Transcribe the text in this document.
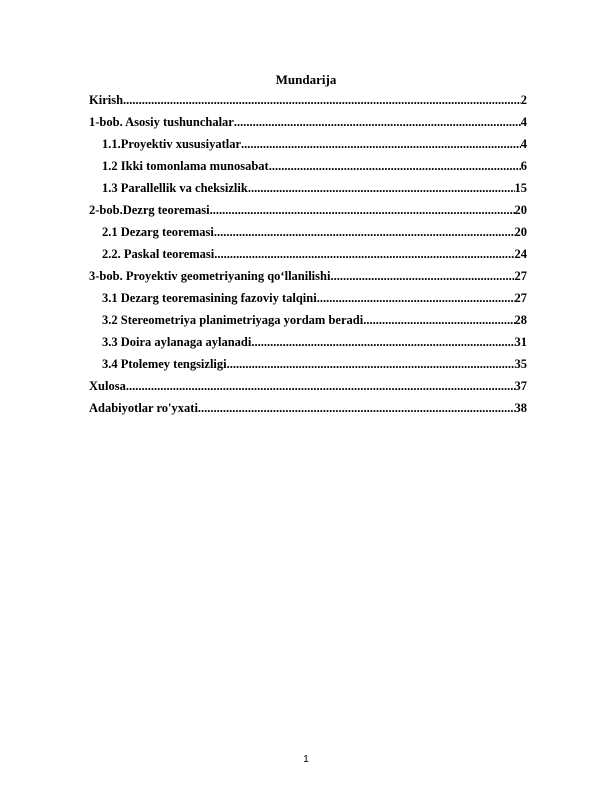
Mundarija
Kirish .....	2
1-bob. Asosiy tushunchalar .....	4
1.1.Proyektiv xususiyatlar .....	4
1.2 Ikki tomonlama munosabat .....	6
1.3 Parallellik va cheksizlik .....	15
2-bob.Dezrg teoremasi .....	20
2.1 Dezarg teoremasi .....	20
2.2. Paskal teoremasi .....	24
3-bob. Proyektiv geometriyaning qo‘llanilishi .....	27
3.1 Dezarg teoremasining fazoviy talqini .....	27
3.2 Stereometriya planimetriyaga yordam beradi .....	28
3.3 Doira aylanaga aylanadi .....	31
3.4 Ptolemey tengsizligi .....	35
Xulosa .....	37
Adabiyotlar ro'yxati .....	38
1
